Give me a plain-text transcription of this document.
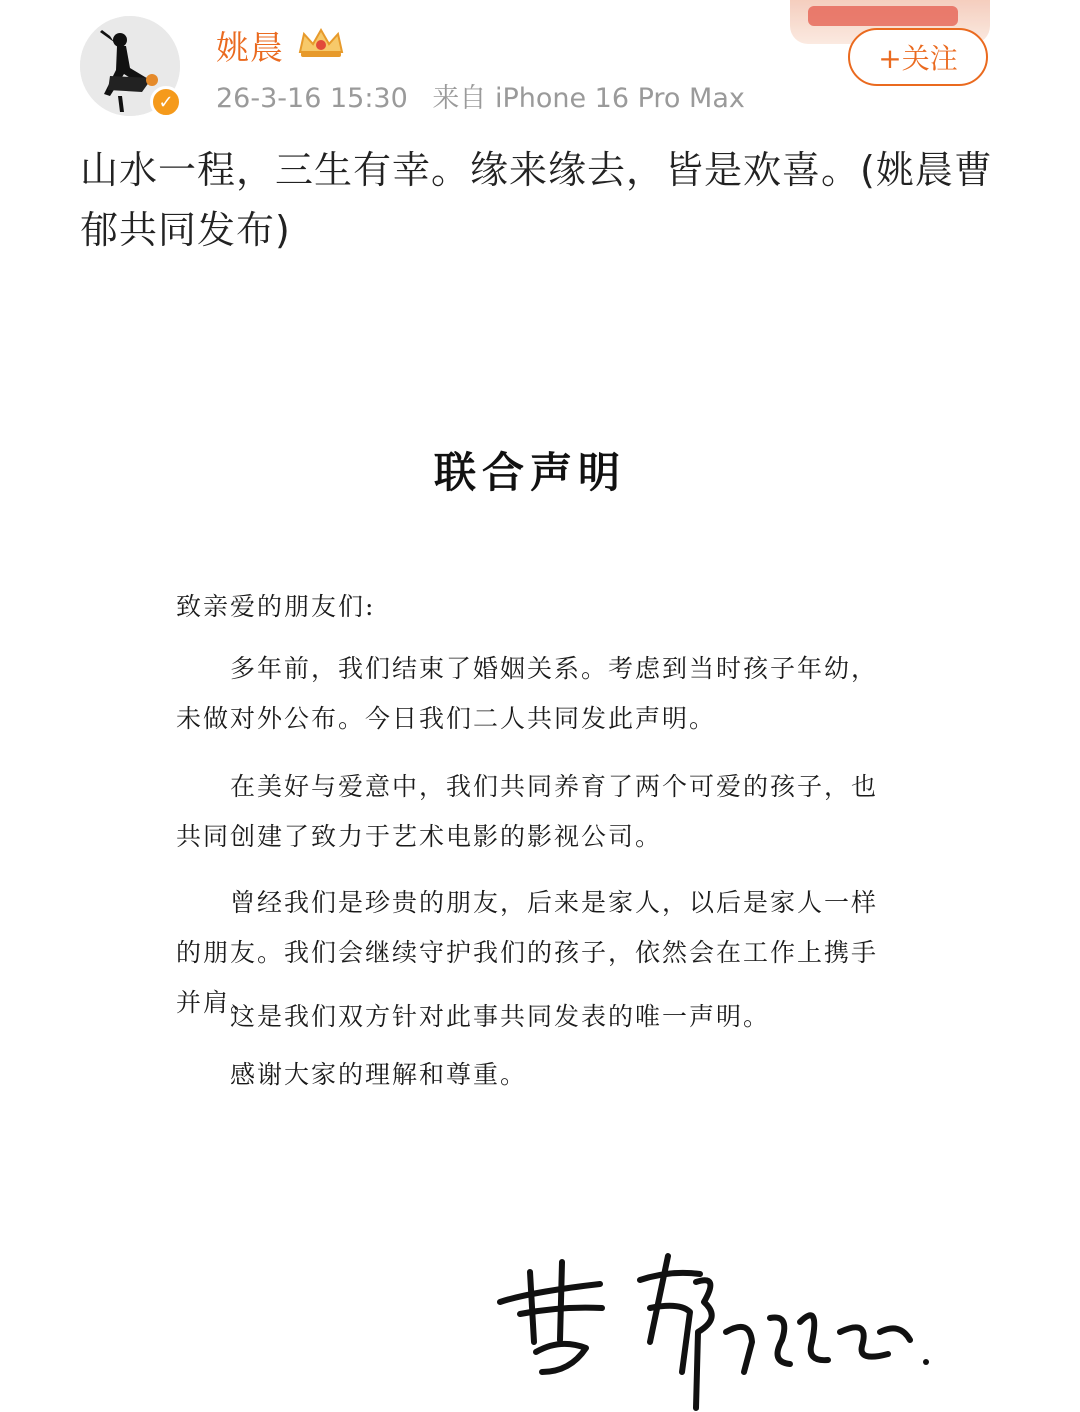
✓
姚晨
26-3-16 15:30 来自 iPhone 16 Pro Max
+关注
山水一程，三生有幸。缘来缘去，皆是欢喜。(姚晨曹郁共同发布)
联合声明
致亲爱的朋友们:
多年前，我们结束了婚姻关系。考虑到当时孩子年幼，未做对外公布。今日我们二人共同发此声明。
在美好与爱意中，我们共同养育了两个可爱的孩子，也共同创建了致力于艺术电影的影视公司。
曾经我们是珍贵的朋友，后来是家人，以后是家人一样的朋友。我们会继续守护我们的孩子，依然会在工作上携手并肩。
这是我们双方针对此事共同发表的唯一声明。
感谢大家的理解和尊重。
